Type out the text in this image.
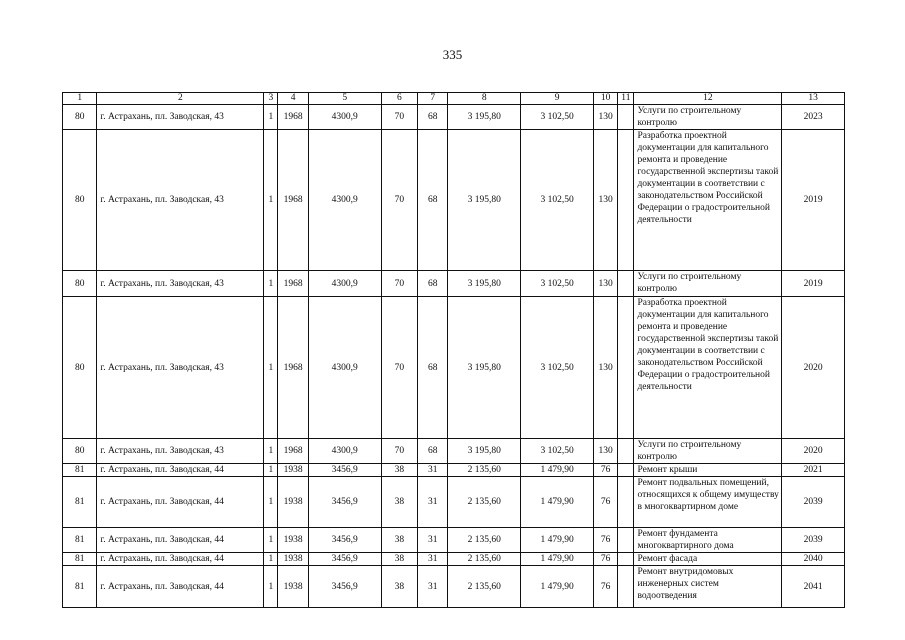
335
1	2	3	4	5	6	7	8	9	10	11	12	13
80	г. Астрахань, пл. Заводская, 43	1	1968	4300,9	70	68	3 195,80	3 102,50	130		Услуги по строительному контролю	2023
80	г. Астрахань, пл. Заводская, 43	1	1968	4300,9	70	68	3 195,80	3 102,50	130		Разработка проектной документации для капитального ремонта и проведение государственной экспертизы такой документации в соответствии с законодательством Российской Федерации о градостроительной деятельности	2019
80	г. Астрахань, пл. Заводская, 43	1	1968	4300,9	70	68	3 195,80	3 102,50	130		Услуги по строительному контролю	2019
80	г. Астрахань, пл. Заводская, 43	1	1968	4300,9	70	68	3 195,80	3 102,50	130		Разработка проектной документации для капитального ремонта и проведение государственной экспертизы такой документации в соответствии с законодательством Российской Федерации о градостроительной деятельности	2020
80	г. Астрахань, пл. Заводская, 43	1	1968	4300,9	70	68	3 195,80	3 102,50	130		Услуги по строительному контролю	2020
81	г. Астрахань, пл. Заводская, 44	1	1938	3456,9	38	31	2 135,60	1 479,90	76		Ремонт крыши	2021
81	г. Астрахань, пл. Заводская, 44	1	1938	3456,9	38	31	2 135,60	1 479,90	76		Ремонт подвальных помещений, относящихся к общему имуществу в многоквартирном доме	2039
81	г. Астрахань, пл. Заводская, 44	1	1938	3456,9	38	31	2 135,60	1 479,90	76		Ремонт фундамента многоквартирного дома	2039
81	г. Астрахань, пл. Заводская, 44	1	1938	3456,9	38	31	2 135,60	1 479,90	76		Ремонт фасада	2040
81	г. Астрахань, пл. Заводская, 44	1	1938	3456,9	38	31	2 135,60	1 479,90	76		Ремонт внутридомовых инженерных систем водоотведения	2041
